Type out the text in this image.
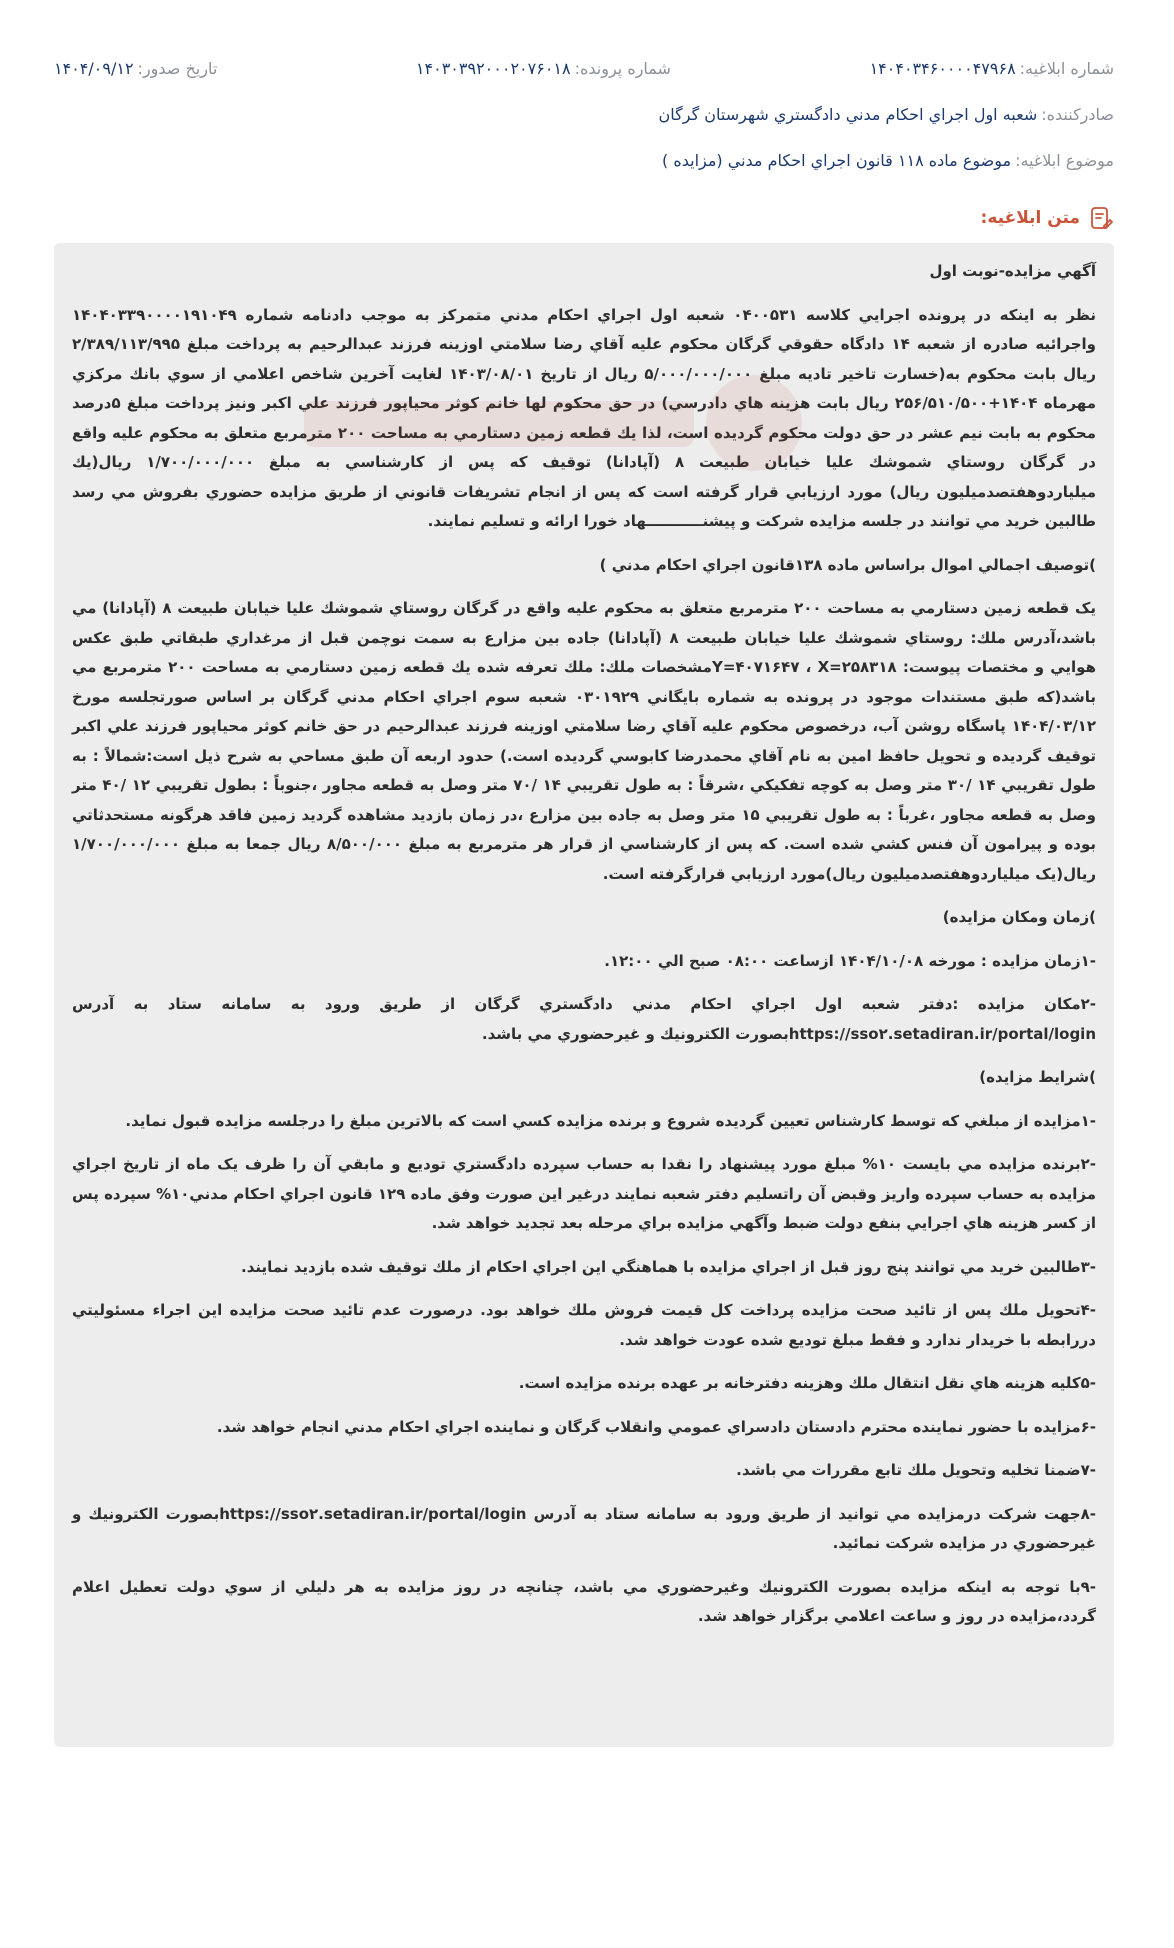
شماره ابلاغیه:
۱۴۰۴۰۳۴۶۰۰۰۰۴۷۹۶۸
شماره پرونده:
۱۴۰۳۰۳۹۲۰۰۰۲۰۷۶۰۱۸
تاریخ صدور:
۱۴۰۴/۰۹/۱۲
صادرکننده:
شعبه اول اجراي احكام مدني دادگستري شهرستان گرگان
موضوع ابلاغیه:
موضوع ماده ۱۱۸ قانون اجراي احكام مدني (مزايده )
متن ابلاغیه:

آگهي مزايده-نوبت اول

نظر به اينكه در پرونده اجرايي كلاسه ۰۴۰۰۵۳۱ شعبه اول اجراي احكام مدني متمركز به موجب دادنامه شماره ۱۴۰۴۰۳۳۹۰۰۰۰۱۹۱۰۴۹ واجرائيه صادره از شعبه ۱۴ دادگاه حقوقي گرگان محكوم عليه آقاي رضا سلامتي اوزينه فرزند عبدالرحيم به پرداخت مبلغ ۲/۳۸۹/۱۱۳/۹۹۵ ريال بابت محكوم به(خسارت تاخير تاديه مبلغ ۵/۰۰۰/۰۰۰/۰۰۰ ريال از تاريخ ۱۴۰۳/۰۸/۰۱ لغايت آخرين شاخص اعلامي از سوي بانك مركزي مهرماه ۱۴۰۴+۲۵۶/۵۱۰/۵۰۰ ريال بابت هزينه هاي دادرسي) در حق محكوم لها خانم كوثر محياپور فرزند علي اكبر ونيز پرداخت مبلغ ۵درصد محكوم به بابت نيم عشر در حق دولت محكوم گرديده است، لذا يك قطعه زمين دستارمي به مساحت ۲۰۰ مترمربع متعلق به محكوم عليه واقع در گرگان روستاي شموشك عليا خيابان طبيعت ۸ (آپادانا) توقيف كه پس از كارشناسي به مبلغ ۱/۷۰۰/۰۰۰/۰۰۰ ريال(يك ميلياردوهفتصدميليون ريال) مورد ارزيابي قرار گرفته است كه پس از انجام تشريفات قانوني از طريق مزايده حضوري بفروش مي رسد طالبين خريد مي توانند در جلسه مزايده شركت و پيشنـــــــــــهاد خورا ارائه و تسليم نمايند.

)توصيف اجمالي اموال براساس ماده ۱۳۸قانون اجراي احكام مدني )

يک قطعه زمين دستارمي به مساحت ۲۰۰ مترمربع متعلق به محكوم عليه واقع در گرگان روستاي شموشك عليا خيابان طبيعت ۸ (آپادانا) مي باشد،آدرس ملك: روستاي شموشك عليا خيابان طبيعت ۸ (آپادانا) جاده بين مزارع به سمت نوچمن قبل از مرغداري طبقاتي طبق عكس هوايي و مختصات پيوست: Y=۴۰۷۱۶۴۷ ، X=۲۵۸۳۱۸مشخصات ملك: ملك تعرفه شده يك قطعه زمين دستارمي به مساحت ۲۰۰ مترمربع مي باشد(كه طبق مستندات موجود در پرونده به شماره بايگاني ۰۳۰۱۹۲۹ شعبه سوم اجراي احكام مدني گرگان بر اساس صورتجلسه مورخ ۱۴۰۴/۰۳/۱۲ پاسگاه روشن آب، درخصوص محكوم عليه آقاي رضا سلامتي اوزينه فرزند عبدالرحيم در حق خانم كوثر محياپور فرزند علي اكبر توقيف گرديده و تحويل حافظ امين به نام آقاي محمدرضا كابوسي گرديده است.) حدود اربعه آن طبق مساحي به شرح ذيل است:شمالاً : به طول تقريبي ۱۴ /۳۰ متر وصل به كوچه تفكيكي ،شرقاً : به طول تقريبي ۱۴ /۷۰ متر وصل به قطعه مجاور ،جنوباً : بطول تقريبي ۱۲ /۴۰ متر وصل به قطعه مجاور ،غرباً : به طول تقريبي ۱۵ متر وصل به جاده بين مزارع ،در زمان بازديد مشاهده گرديد زمين فاقد هرگونه مستحدثاتي بوده و پيرامون آن فنس كشي شده است. كه پس از كارشناسي از قرار هر مترمربع به مبلغ ۸/۵۰۰/۰۰۰ ريال جمعا به مبلغ ۱/۷۰۰/۰۰۰/۰۰۰ ريال(يک ميلياردوهفتصدميليون ريال)مورد ارزيابي قرارگرفته است.

)زمان ومكان مزايده)

-۱زمان مزايده : مورخه ۱۴۰۴/۱۰/۰۸ ازساعت ۰۸:۰۰ صبح الي ۱۲:۰۰.

-۲مكان مزايده :دفتر شعبه اول اجراي احكام مدني دادگستري گرگان از طريق ورود به سامانه ستاد به آدرس https://sso۲.setadiran.ir/portal/loginبصورت الكترونيك و غيرحضوري مي باشد.

)شرايط مزايده)

-۱مزايده از مبلغي كه توسط كارشناس تعيين گرديده شروع و برنده مزايده كسي است كه بالاترين مبلغ را درجلسه مزايده قبول نمايد.

-۲برنده مزايده مي بايست ۱۰% مبلغ مورد پيشنهاد را نقدا به حساب سپرده دادگستري توديع و مابقي آن را ظرف يک ماه از تاريخ اجراي مزايده به حساب سپرده واريز وقبض آن راتسليم دفتر شعبه نمايند درغير اين صورت وفق ماده ۱۲۹ قانون اجراي احكام مدني۱۰% سپرده پس از كسر هزينه هاي اجرايي بنفع دولت ضبط وآگهي مزايده براي مرحله بعد تجديد خواهد شد.

-۳طالبين خريد مي توانند پنج روز قبل از اجراي مزايده با هماهنگي اين اجراي احكام از ملك توقيف شده بازديد نمايند.

-۴تحويل ملك پس از تائيد صحت مزايده پرداخت كل قيمت فروش ملك خواهد بود. درصورت عدم تائيد صحت مزايده اين اجراء مسئوليتي دررابطه با خريدار ندارد و فقط مبلغ توديع شده عودت خواهد شد.

-۵كليه هزينه هاي نقل انتقال ملك وهزينه دفترخانه بر عهده برنده مزايده است.

-۶مزايده با حضور نماينده محترم دادستان دادسراي عمومي وانقلاب گرگان و نماينده اجراي احكام مدني انجام خواهد شد.

-۷ضمنا تخليه وتحويل ملك تابع مقررات مي باشد.

-۸جهت شركت درمزايده مي توانيد از طريق ورود به سامانه ستاد به آدرس https://sso۲.setadiran.ir/portal/loginبصورت الكترونيك و غيرحضوري در مزايده شركت نمائيد.

-۹با توجه به اينكه مزايده بصورت الكترونيك وغيرحضوري مي باشد، چنانچه در روز مزايده به هر دليلي از سوي دولت تعطيل اعلام گردد،مزايده در روز و ساعت اعلامي برگزار خواهد شد.
